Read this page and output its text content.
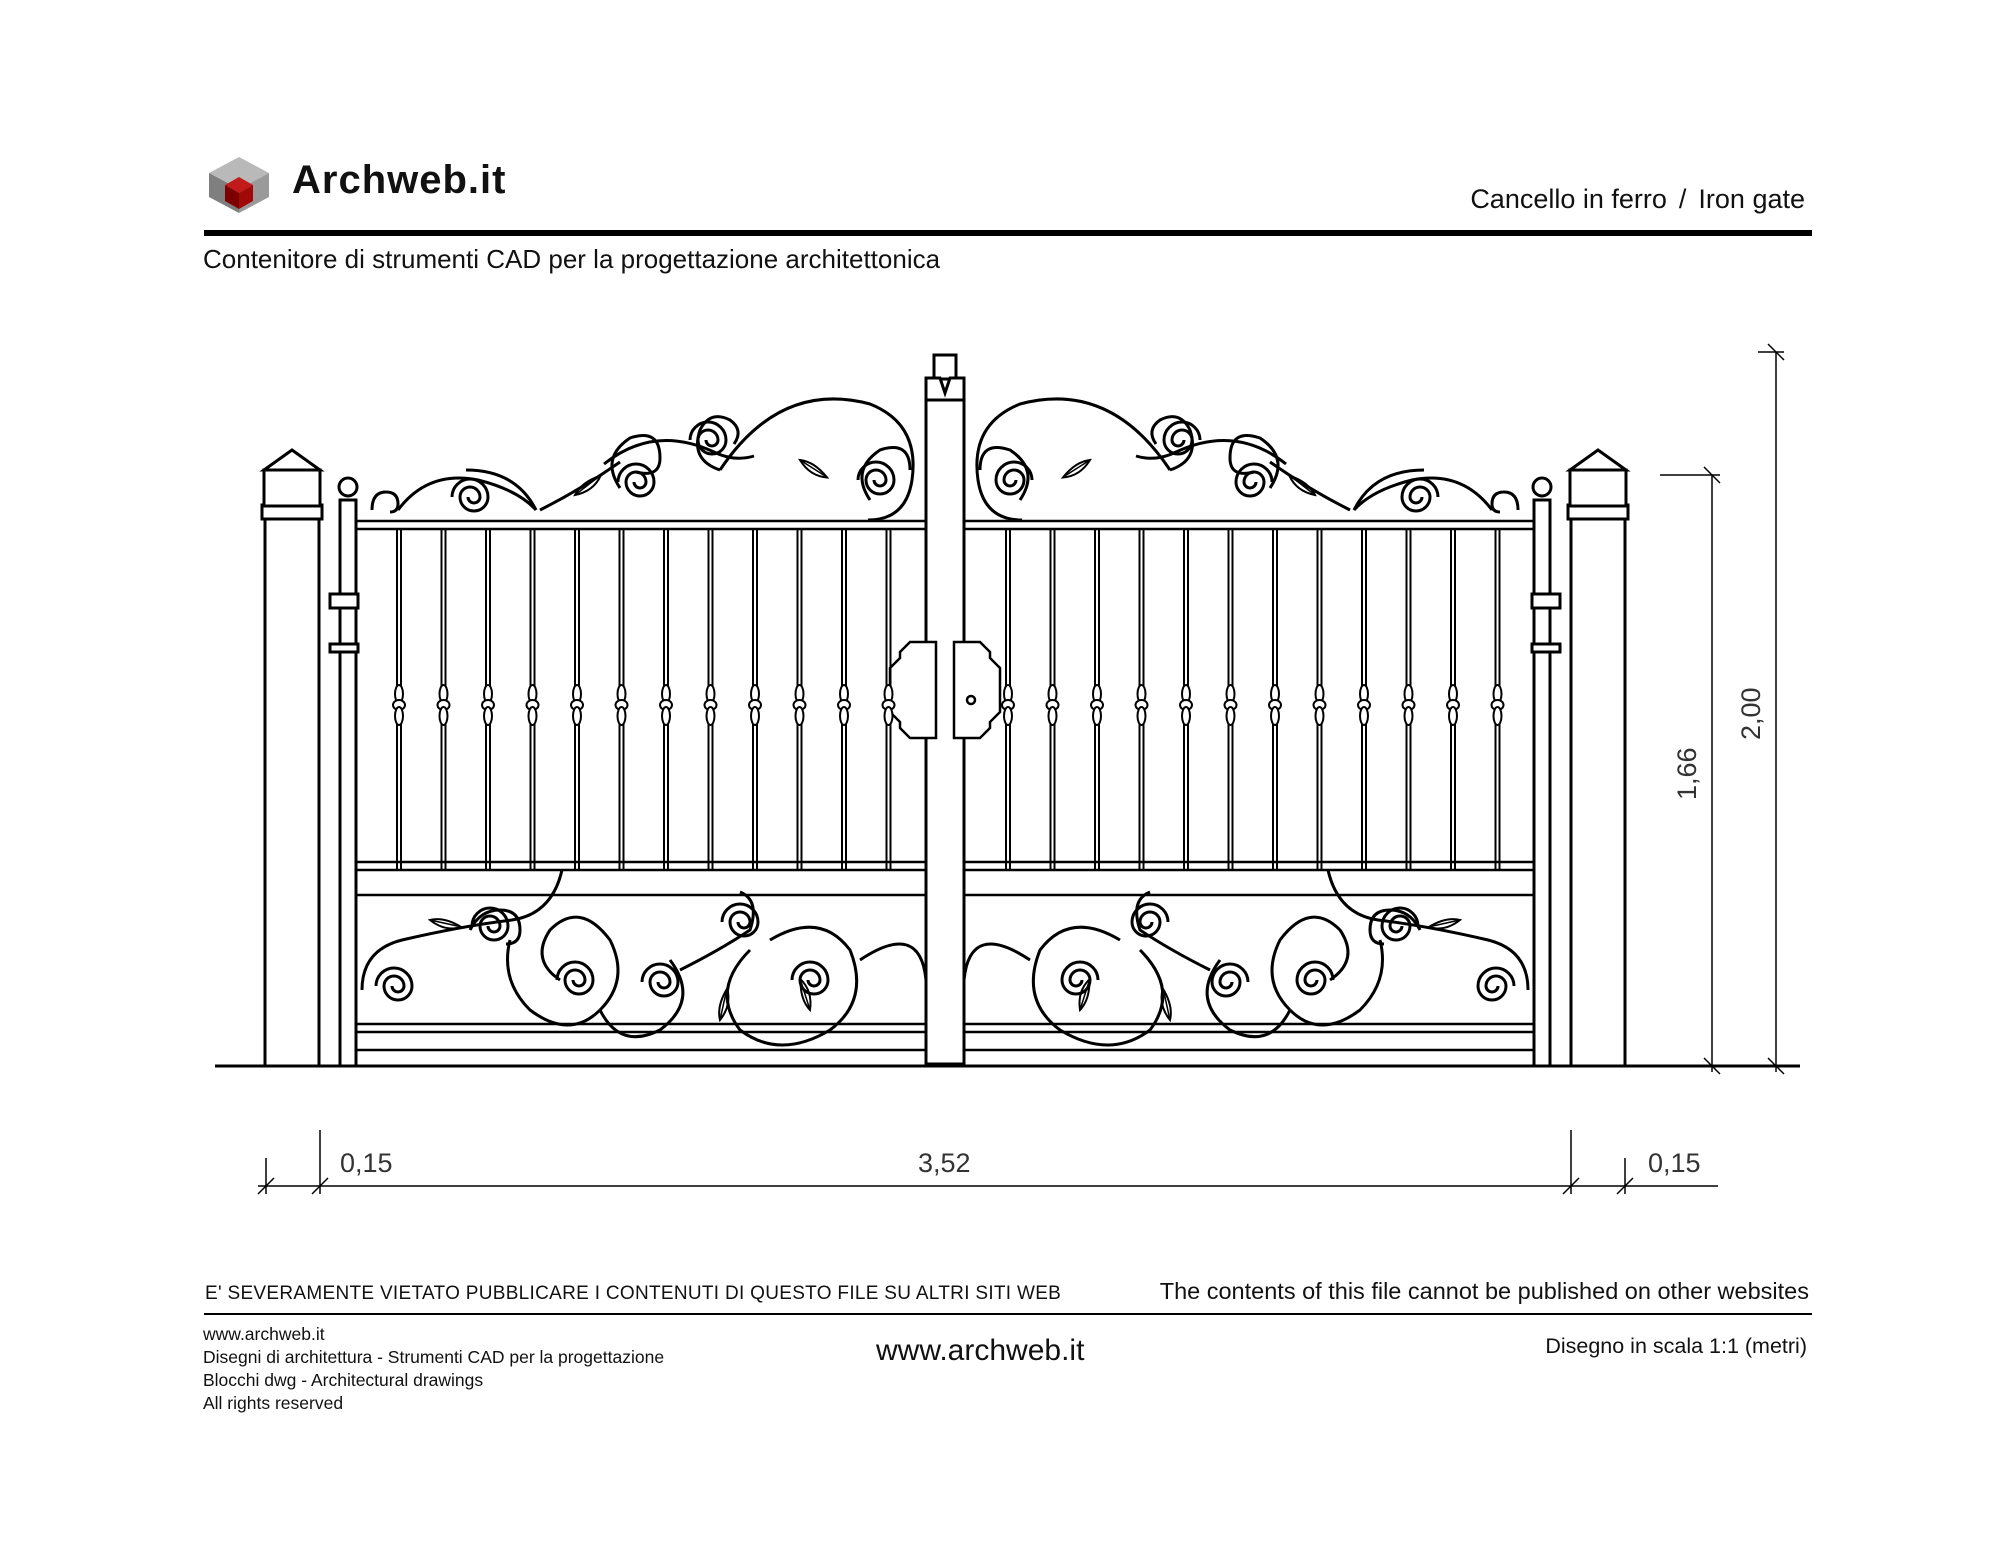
Archweb.it	Cancello in ferro / Iron gate
Contenitore di strumenti CAD per la progettazione architettonica
0,15	3,52	0,15
1,66
2,00
E' SEVERAMENTE VIETATO PUBBLICARE I CONTENUTI DI QUESTO FILE SU ALTRI SITI WEB	The contents of this file cannot be published on other websites
www.archweb.it
Disegni di architettura - Strumenti CAD per la progettazione
Blocchi dwg - Architectural drawings
All rights reserved
www.archweb.it	Disegno in scala 1:1 (metri)
